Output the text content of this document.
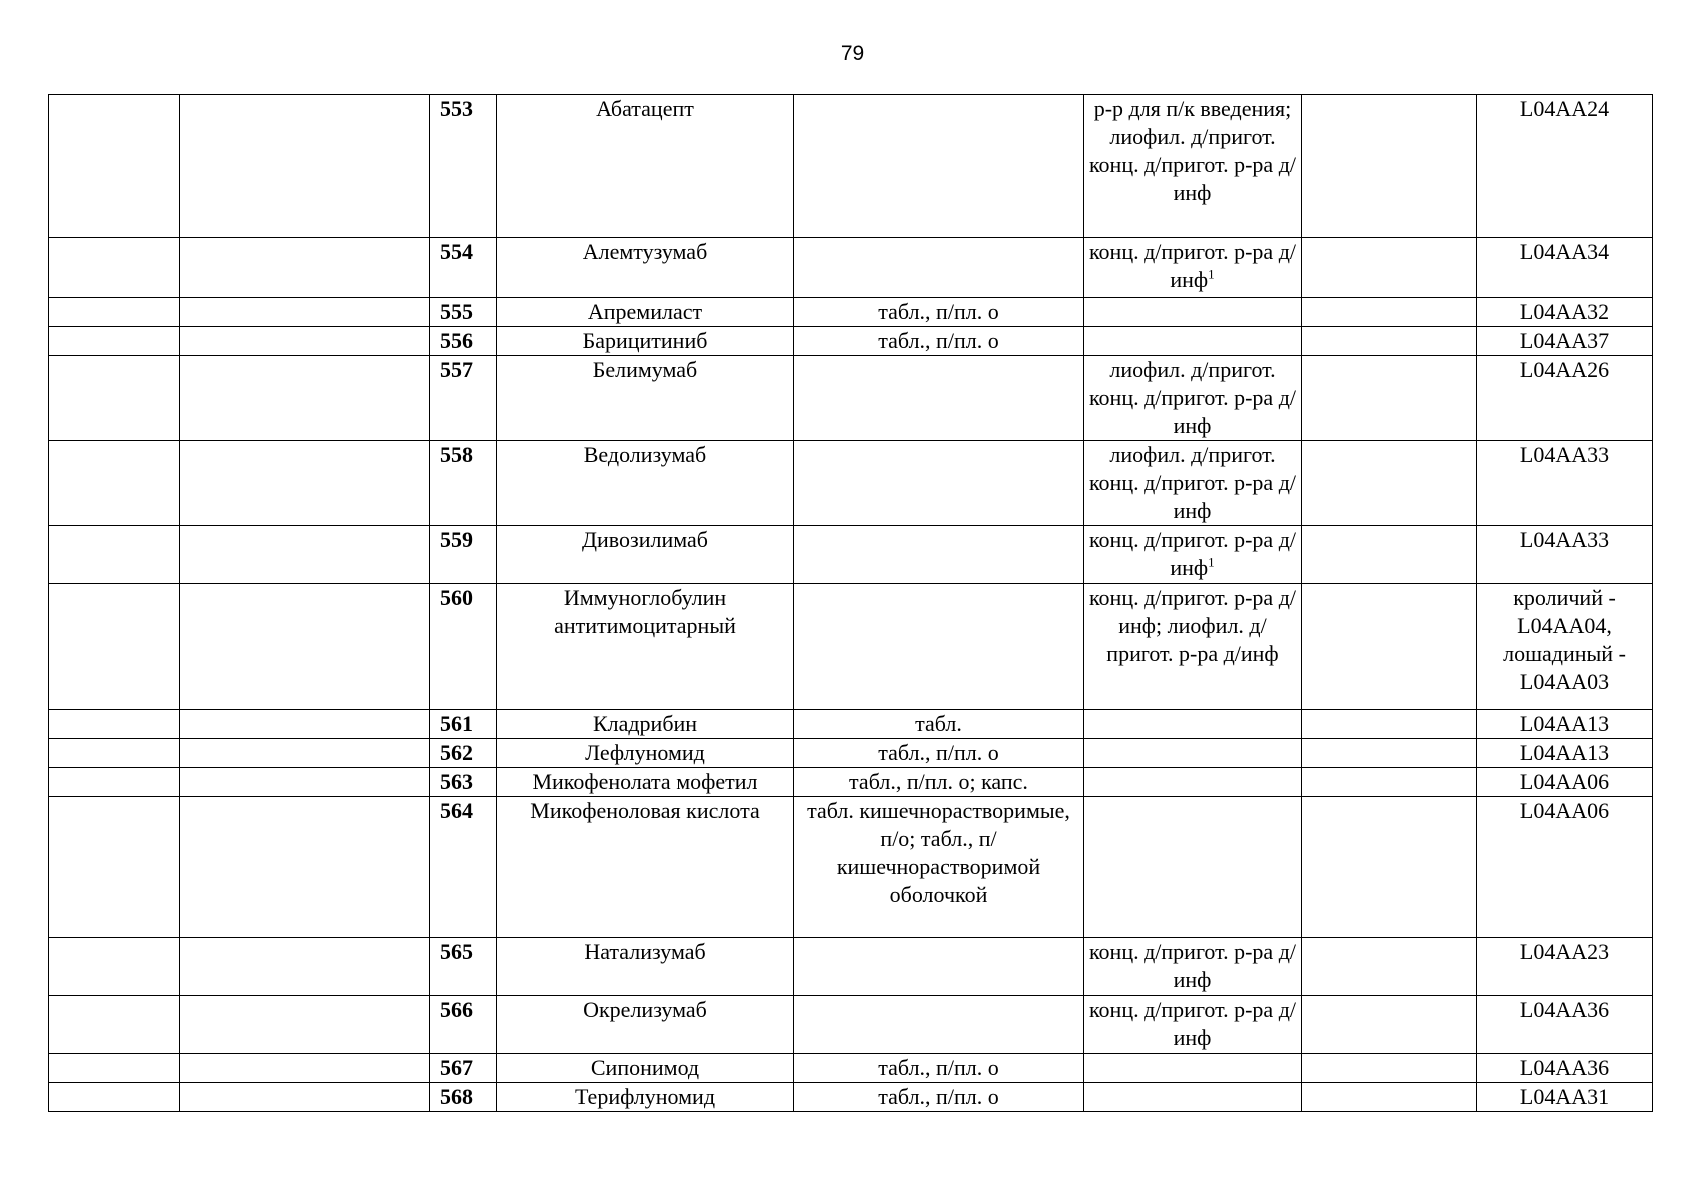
79
		553	Абатацепт		р-р для п/к введения; лиофил. д/пригот. конц. д/пригот. р-ра д/инф		L04AA24
		554	Алемтузумаб		конц. д/пригот. р-ра д/инф$^1$		L04AA34
		555	Апремиласт	табл., п/пл. о			L04AA32
		556	Барицитиниб	табл., п/пл. о			L04AA37
		557	Белимумаб		лиофил. д/пригот. конц. д/пригот. р-ра д/инф		L04AA26
		558	Ведолизумаб		лиофил. д/пригот. конц. д/пригот. р-ра д/инф		L04AA33
		559	Дивозилимаб		конц. д/пригот. р-ра д/инф$^1$		L04AA33
		560	Иммуноглобулин антитимоцитарный		конц. д/пригот. р-ра д/инф; лиофил. д/пригот. р-ра д/инф		кроличий - L04AA04, лошадиный - L04AA03
		561	Кладрибин	табл.			L04AA13
		562	Лефлуномид	табл., п/пл. о			L04AA13
		563	Микофенолата мофетил	табл., п/пл. о; капс.			L04AA06
		564	Микофеноловая кислота	табл. кишечнорастворимые, п/о; табл., п/кишечнорастворимой оболочкой			L04AA06
		565	Натализумаб		конц. д/пригот. р-ра д/инф		L04AA23
		566	Окрелизумаб		конц. д/пригот. р-ра д/инф		L04AA36
		567	Сипонимод	табл., п/пл. о			L04AA36
		568	Терифлуномид	табл., п/пл. о			L04AA31
